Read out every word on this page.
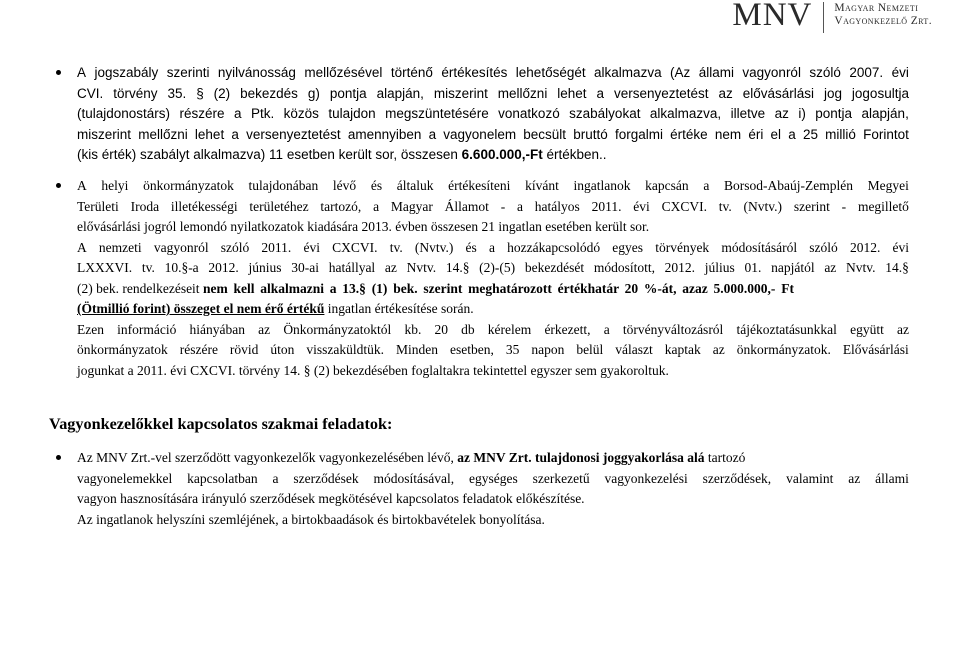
MNV Magyar Nemzeti
Vagyonkezelő Zrt.

A jogszabály szerinti nyilvánosság mellőzésével történő értékesítés lehetőségét alkalmazva (Az állami vagyonról szóló 2007. évi

CVI. törvény 35. § (2) bekezdés g) pontja alapján, miszerint mellőzni lehet a versenyeztetést az elővásárlási jog jogosultja

(tulajdonostárs) részére a Ptk. közös tulajdon megszüntetésére vonatkozó szabályokat alkalmazva, illetve az i) pontja alapján,

miszerint mellőzni lehet a versenyeztetést amennyiben a vagyonelem becsült bruttó forgalmi értéke nem éri el a 25 millió Forintot

(kis érték) szabályt alkalmazva) 11 esetben került sor, összesen 6.600.000,-Ft értékben..

A helyi önkormányzatok tulajdonában lévő és általuk értékesíteni kívánt ingatlanok kapcsán a Borsod-Abaúj-Zemplén Megyei

Területi Iroda illetékességi területéhez tartozó, a Magyar Államot - a hatályos 2011. évi CXCVI. tv. (Nvtv.) szerint - megillető

elővásárlási jogról lemondó nyilatkozatok kiadására 2013. évben összesen 21 ingatlan esetében került sor.

A nemzeti vagyonról szóló 2011. évi CXCVI. tv. (Nvtv.) és a hozzákapcsolódó egyes törvények módosításáról szóló 2012. évi

LXXXVI. tv. 10.§-a 2012. június 30-ai hatállyal az Nvtv. 14.§ (2)-(5) bekezdését módosított, 2012. július 01. napjától az Nvtv. 14.§

(2) bek. rendelkezéseit nem kell alkalmazni a 13.§ (1) bek. szerint meghatározott értékhatár 20 %-át, azaz 5.000.000,- Ft

(Ötmillió forint) összeget el nem érő értékű ingatlan értékesítése során.

Ezen információ hiányában az Önkormányzatoktól kb. 20 db kérelem érkezett, a törvényváltozásról tájékoztatásunkkal együtt az

önkormányzatok részére rövid úton visszaküldtük. Minden esetben, 35 napon belül választ kaptak az önkormányzatok. Elővásárlási

jogunkat a 2011. évi CXCVI. törvény 14. § (2) bekezdésében foglaltakra tekintettel egyszer sem gyakoroltuk.

Vagyonkezelőkkel kapcsolatos szakmai feladatok:

Az MNV Zrt.-vel szerződött vagyonkezelők vagyonkezelésében lévő, az MNV Zrt. tulajdonosi joggyakorlása alá tartozó

vagyonelemekkel kapcsolatban a szerződések módosításával, egységes szerkezetű vagyonkezelési szerződések, valamint az állami

vagyon hasznosítására irányuló szerződések megkötésével kapcsolatos feladatok előkészítése.

Az ingatlanok helyszíni szemléjének, a birtokbaadások és birtokbavételek bonyolítása.
